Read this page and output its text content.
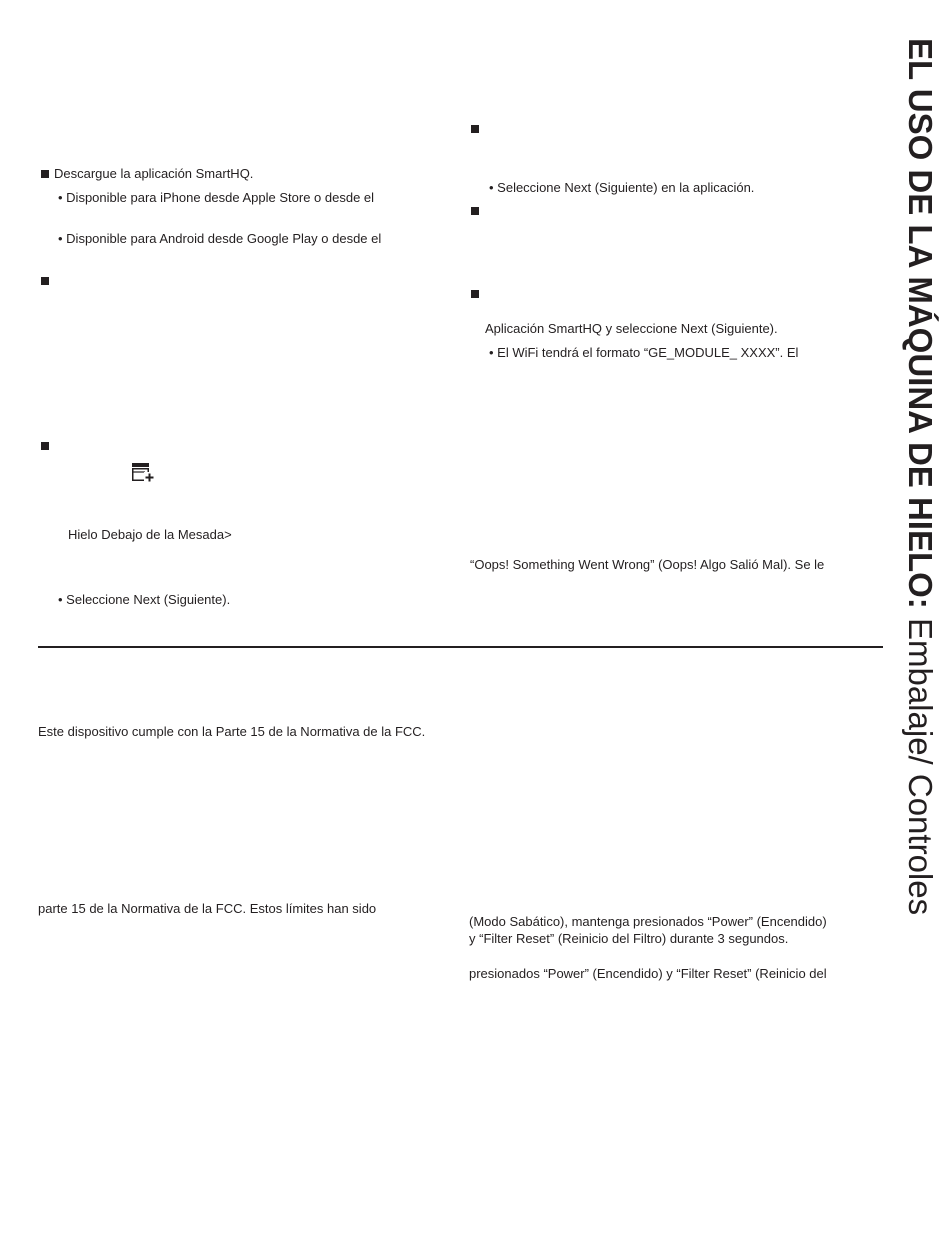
EL USO DE LA MÁQUINA DE HIELO: Embalaje/ Controles
Descargue la aplicación SmartHQ.
• Disponible para iPhone desde Apple Store o desde el
• Disponible para Android desde Google Play o desde el
Hielo Debajo de la Mesada>
• Seleccione Next (Siguiente).
• Seleccione Next (Siguiente) en la aplicación.
Aplicación SmartHQ y seleccione Next (Siguiente).
• El WiFi tendrá el formato “GE_MODULE_ XXXX”. El
“Oops! Something Went Wrong” (Oops! Algo Salió Mal). Se le
Este dispositivo cumple con la Parte 15 de la Normativa de la FCC.
parte 15 de la Normativa de la FCC. Estos límites han sido
(Modo Sabático), mantenga presionados “Power” (Encendido)
y “Filter Reset” (Reinicio del Filtro) durante 3 segundos.
presionados “Power” (Encendido) y “Filter Reset” (Reinicio del
